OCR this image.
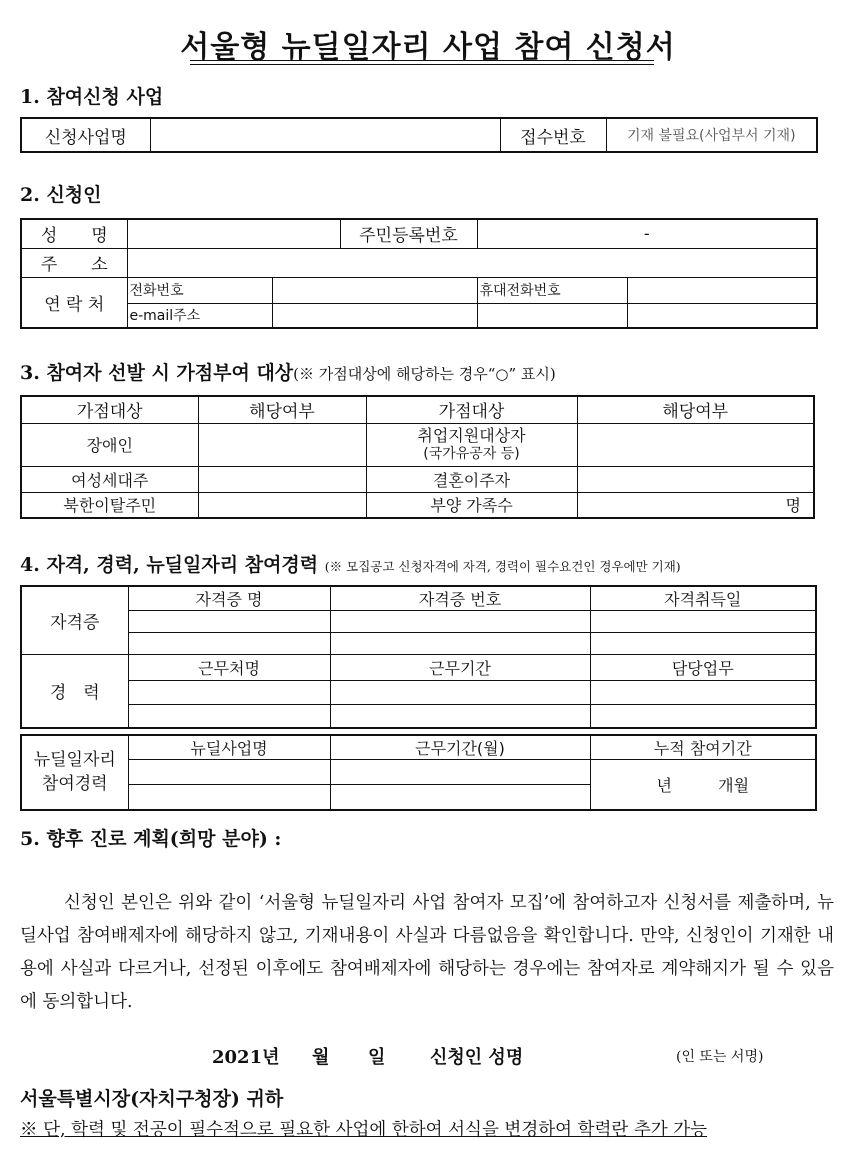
서울형 뉴딜일자리 사업 참여 신청서
1. 참여신청 사업
신청사업명		접수번호	기재 불필요(사업부서 기재)
2. 신청인
성　　명			주민등록번호	-	
주　　소					
연 락 처	전화번호			휴대전화번호	
	e-mail주소				
3. 참여자 선발 시 가점부여 대상(※ 가점대상에 해당하는 경우“○” 표시)
가점대상	해당여부	가점대상	해당여부
장애인		취업지원대상자
(국가유공자 등)	

여성세대주		결혼이주자	
북한이탈주민		부양 가족수	명
4. 자격, 경력, 뉴딜일자리 참여경력 (※ 모집공고 신청자격에 자격, 경력이 필수요건인 경우에만 기재)
자격증	자격증 명	자격증 번호	자격취득일

경　력	근무처명	근무기간	담당업무

뉴딜일자리
참여경력	뉴딜사업명	근무기간(월)	누적 참여기간
			년 개월

5. 향후 진로 계획(희망 분야) :
신청인 본인은 위와 같이 ‘서울형 뉴딜일자리 사업 참여자 모집’에 참여하고자 신청서를 제출하며, 뉴딜사업 참여배제자에 해당하지 않고, 기재내용이 사실과 다름없음을 확인합니다. 만약, 신청인이 기재한 내용에 사실과 다르거나, 선정된 이후에도 참여배제자에 해당하는 경우에는 참여자로 계약해지가 될 수 있음에 동의합니다.
2021년 월 일 신청인 성명	(인 또는 서명)
서울특별시장(자치구청장) 귀하
※ 단, 학력 및 전공이 필수적으로 필요한 사업에 한하여 서식을 변경하여 학력란 추가 가능
